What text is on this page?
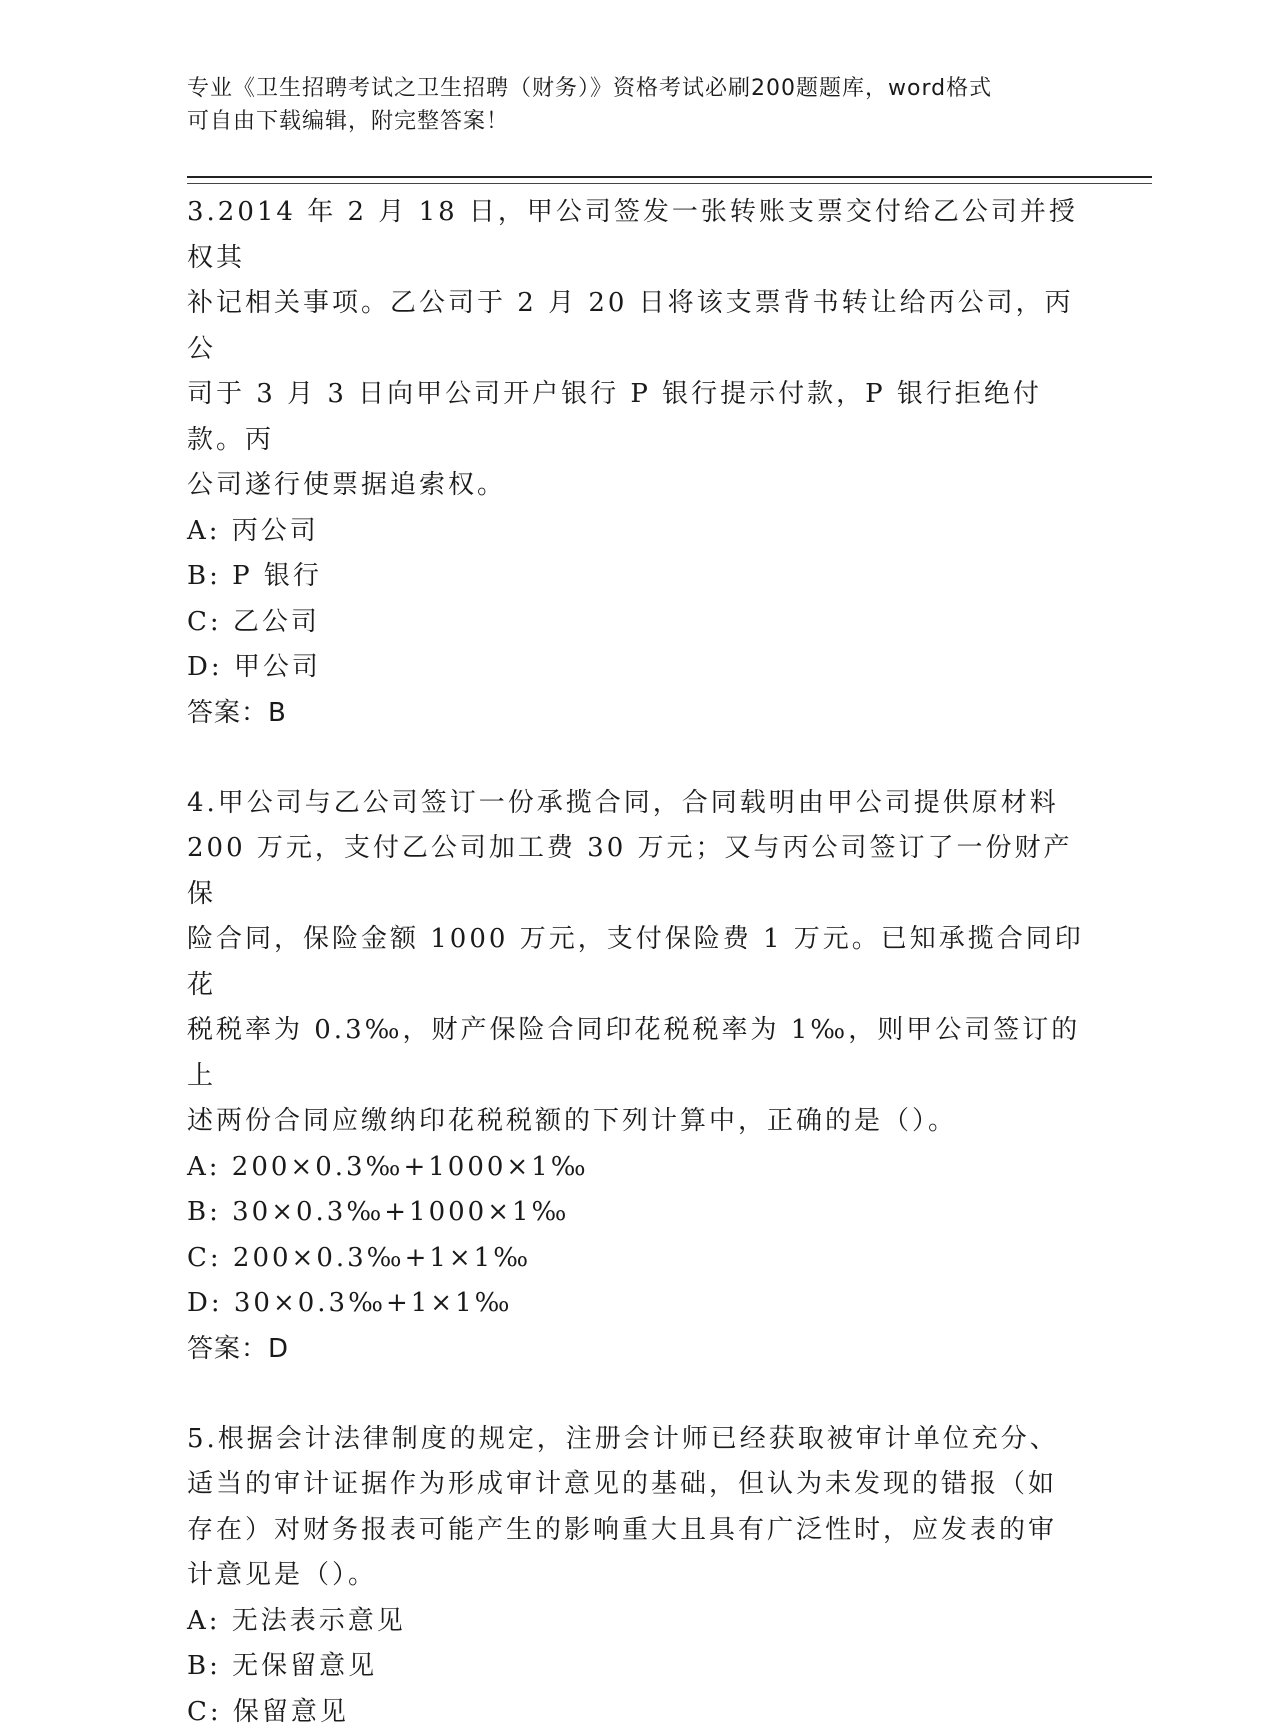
专业《卫生招聘考试之卫生招聘（财务）》资格考试必刷200题题库，word格式
可自由下载编辑，附完整答案！
3.2014 年 2 月 18 日，甲公司签发一张转账支票交付给乙公司并授权其
补记相关事项。乙公司于 2 月 20 日将该支票背书转让给丙公司，丙公
司于 3 月 3 日向甲公司开户银行 P 银行提示付款，P 银行拒绝付款。丙
公司遂行使票据追索权。
A: 丙公司
B: P 银行
C: 乙公司
D: 甲公司
答案：B
4.甲公司与乙公司签订一份承揽合同，合同载明由甲公司提供原材料
200 万元，支付乙公司加工费 30 万元；又与丙公司签订了一份财产保
险合同，保险金额 1000 万元，支付保险费 1 万元。已知承揽合同印花
税税率为 0.3‰，财产保险合同印花税税率为 1‰，则甲公司签订的上
述两份合同应缴纳印花税税额的下列计算中，正确的是（）。
A: 200×0.3‰+1000×1‰
B: 30×0.3‰+1000×1‰
C: 200×0.3‰+1×1‰
D: 30×0.3‰+1×1‰
答案：D
5.根据会计法律制度的规定，注册会计师已经获取被审计单位充分、
适当的审计证据作为形成审计意见的基础，但认为未发现的错报（如
存在）对财务报表可能产生的影响重大且具有广泛性时，应发表的审
计意见是（）。
A: 无法表示意见
B: 无保留意见
C: 保留意见
